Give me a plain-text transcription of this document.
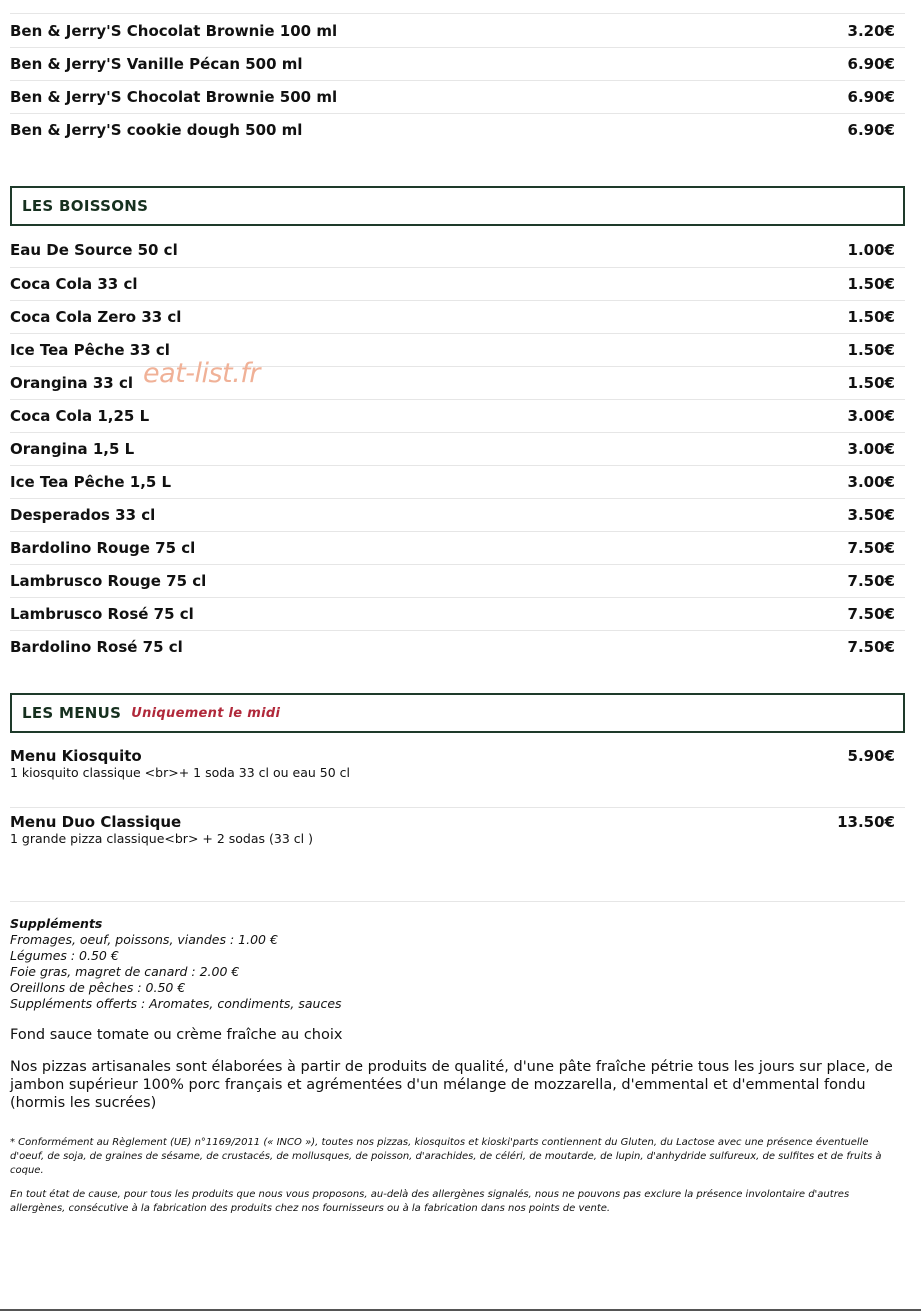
Ben & Jerry'S Chocolat Brownie 100 ml	3.20€
Ben & Jerry'S Vanille Pécan 500 ml	6.90€
Ben & Jerry'S Chocolat Brownie 500 ml	6.90€
Ben & Jerry'S cookie dough 500 ml	6.90€
LES BOISSONS
Eau De Source 50 cl	1.00€
Coca Cola 33 cl	1.50€
Coca Cola Zero 33 cl	1.50€
Ice Tea Pêche 33 cl	1.50€
Orangina 33 cl	1.50€
Coca Cola 1,25 L	3.00€
Orangina 1,5 L	3.00€
Ice Tea Pêche 1,5 L	3.00€
Desperados 33 cl	3.50€
Bardolino Rouge 75 cl	7.50€
Lambrusco Rouge 75 cl	7.50€
Lambrusco Rosé 75 cl	7.50€
Bardolino Rosé 75 cl	7.50€
LES MENUS Uniquement le midi
Menu Kiosquito	5.90€
1 kiosquito classique <br>+ 1 soda 33 cl ou eau 50 cl
Menu Duo Classique	13.50€
1 grande pizza classique<br> + 2 sodas (33 cl )
Suppléments
Fromages, oeuf, poissons, viandes : 1.00 €
Légumes : 0.50 €
Foie gras, magret de canard : 2.00 €
Oreillons de pêches : 0.50 €
Suppléments offerts : Aromates, condiments, sauces
Fond sauce tomate ou crème fraîche au choix
Nos pizzas artisanales sont élaborées à partir de produits de qualité, d'une pâte fraîche pétrie tous les jours sur place, de jambon supérieur 100% porc français et agrémentées d'un mélange de mozzarella, d'emmental et d'emmental fondu (hormis les sucrées)
* Conformément au Règlement (UE) n°1169/2011 (« INCO »), toutes nos pizzas, kiosquitos et kioski'parts contiennent du Gluten, du Lactose avec une présence éventuelle d'oeuf, de soja, de graines de sésame, de crustacés, de mollusques, de poisson, d'arachides, de céléri, de moutarde, de lupin, d'anhydride sulfureux, de sulfites et de fruits à coque.
En tout état de cause, pour tous les produits que nous vous proposons, au-delà des allergènes signalés, nous ne pouvons pas exclure la présence involontaire d'autres allergènes, consécutive à la fabrication des produits chez nos fournisseurs ou à la fabrication dans nos points de vente.
eat-list.fr
